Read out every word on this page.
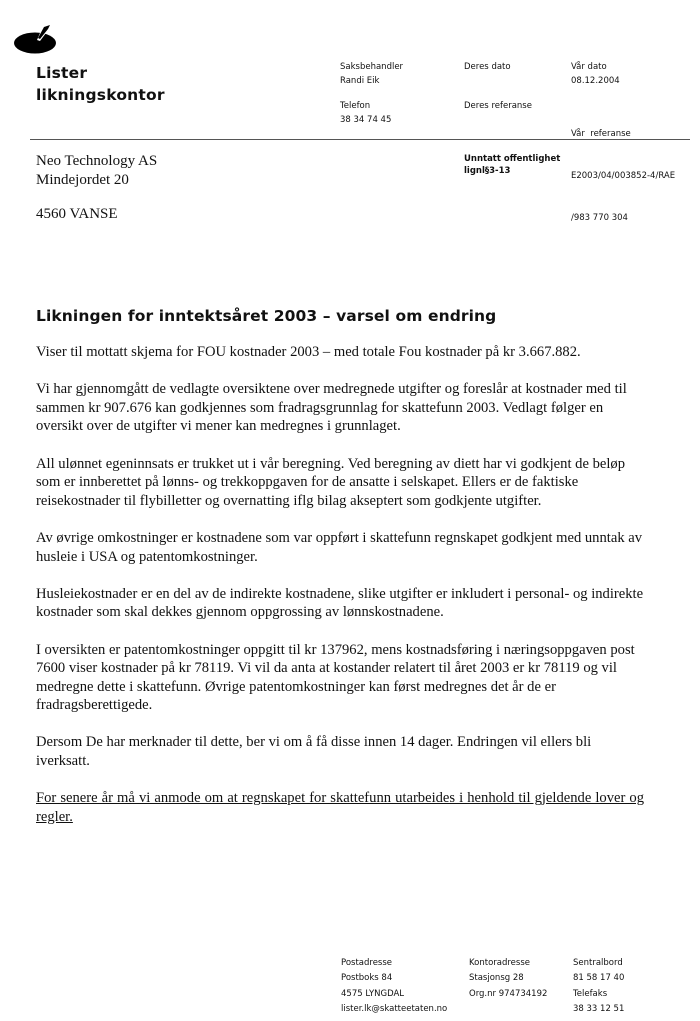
Lister
likningskontor
Saksbehandler
Randi Eik
Telefon
38 34 74 45
Deres dato
Deres referanse
Vår dato
08.12.2004

Vår  referanse

E2003/04/003852-4/RAE

/983 770 304

Neo Technology AS
Mindejordet 20
4560 VANSE
Unntatt offentlighet
lignl§3-13
Likningen for inntektsåret 2003 – varsel om endring

Viser til mottatt skjema for FOU kostnader 2003 – med totale Fou kostnader på kr 3.667.882.

Vi har gjennomgått de vedlagte oversiktene over medregnede utgifter og foreslår at kostnader med til sammen kr 907.676 kan godkjennes som fradragsgrunnlag for skattefunn 2003. Vedlagt følger en oversikt over de utgifter vi mener kan medregnes i grunnlaget.

All ulønnet egeninnsats er trukket ut i vår beregning. Ved beregning av diett har vi godkjent de beløp som er innberettet på lønns- og trekkoppgaven for de ansatte i selskapet. Ellers er de faktiske reisekostnader til flybilletter og overnatting iflg bilag akseptert som godkjente utgifter.

Av øvrige omkostninger er kostnadene som var oppført i skattefunn regnskapet godkjent med unntak av husleie i USA og patentomkostninger.

Husleiekostnader er en del av de indirekte kostnadene, slike utgifter er inkludert i personal- og indirekte kostnader som skal dekkes gjennom oppgrossing av lønnskostnadene.

I oversikten er patentomkostninger oppgitt til kr 137962, mens kostnadsføring i næringsoppgaven post 7600 viser kostnader på kr 78119. Vi vil da anta at kostander relatert til året 2003 er kr 78119 og vil medregne dette i skattefunn. Øvrige patentomkostninger kan først medregnes det år de er fradragsberettigede.

Dersom De har merknader til dette, ber vi om å få disse innen 14 dager. Endringen vil ellers bli iverksatt.

For senere år må vi anmode om at regnskapet for skattefunn utarbeides i henhold til gjeldende lover og regler.

Postadresse
Postboks 84
4575 LYNGDAL
lister.lk@skatteetaten.no
Kontoradresse
Stasjonsg 28
Org.nr 974734192
Sentralbord
81 58 17 40
Telefaks
38 33 12 51
